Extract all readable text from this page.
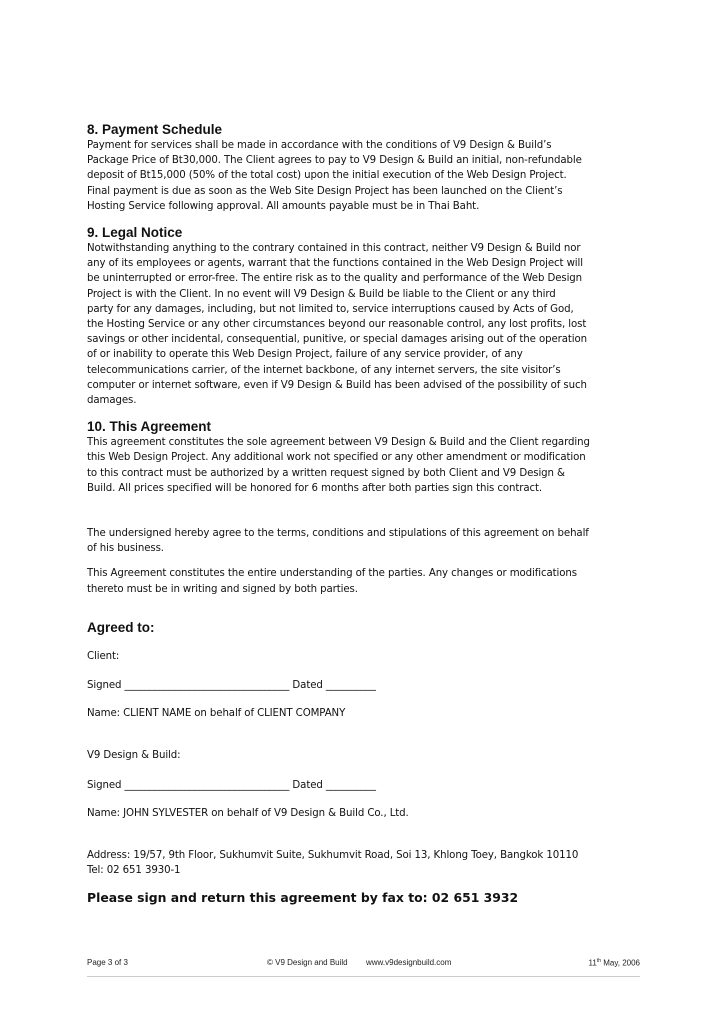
8. Payment Schedule

Payment for services shall be made in accordance with the conditions of V9 Design & Build’s

Package Price of Bt30,000. The Client agrees to pay to V9 Design & Build an initial, non-refundable

deposit of Bt15,000 (50% of the total cost) upon the initial execution of the Web Design Project.

Final payment is due as soon as the Web Site Design Project has been launched on the Client’s

Hosting Service following approval. All amounts payable must be in Thai Baht.

9. Legal Notice

Notwithstanding anything to the contrary contained in this contract, neither V9 Design & Build nor

any of its employees or agents, warrant that the functions contained in the Web Design Project will

be uninterrupted or error-free. The entire risk as to the quality and performance of the Web Design

Project is with the Client. In no event will V9 Design & Build be liable to the Client or any third

party for any damages, including, but not limited to, service interruptions caused by Acts of God,

the Hosting Service or any other circumstances beyond our reasonable control, any lost profits, lost

savings or other incidental, consequential, punitive, or special damages arising out of the operation

of or inability to operate this Web Design Project, failure of any service provider, of any

telecommunications carrier, of the internet backbone, of any internet servers, the site visitor’s

computer or internet software, even if V9 Design & Build has been advised of the possibility of such

damages.

10. This Agreement

This agreement constitutes the sole agreement between V9 Design & Build and the Client regarding

this Web Design Project. Any additional work not specified or any other amendment or modification

to this contract must be authorized by a written request signed by both Client and V9 Design &

Build. All prices specified will be honored for 6 months after both parties sign this contract.

The undersigned hereby agree to the terms, conditions and stipulations of this agreement on behalf

of his business.

This Agreement constitutes the entire understanding of the parties. Any changes or modifications

thereto must be in writing and signed by both parties.

Agreed to:

Client:

Signed _________________________________ Dated __________

Name: CLIENT NAME on behalf of CLIENT COMPANY

V9 Design & Build:

Signed _________________________________ Dated __________

Name: JOHN SYLVESTER on behalf of V9 Design & Build Co., Ltd.

Address: 19/57, 9th Floor, Sukhumvit Suite, Sukhumvit Road, Soi 13, Khlong Toey, Bangkok 10110

Tel: 02 651 3930-1

Please sign and return this agreement by fax to: 02 651 3932

Page 3 of 3	© V9 Design and Build www.v9designbuild.com	11th May, 2006
